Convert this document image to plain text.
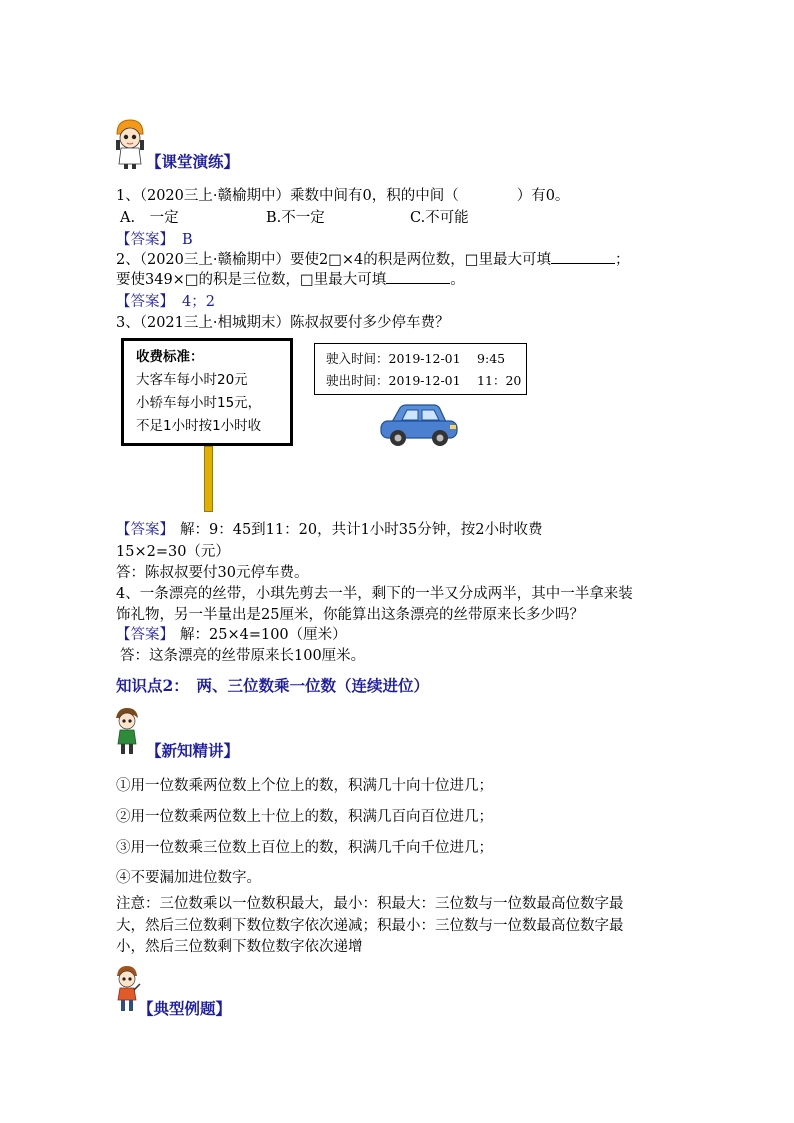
【课堂演练】
1、（2020三上·赣榆期中）乘数中间有0，积的中间（　　　　）有0。
A.　一定	B.不一定	C.不可能
【答案】 B
2、（2020三上·赣榆期中）要使2□×4的积是两位数，□里最大可填	；
要使349×□的积是三位数，□里最大可填	。
【答案】 4；2
3、（2021三上·相城期末）陈叔叔要付多少停车费？
收费标准：
大客车每小时20元
小轿车每小时15元，
不足1小时按1小时收
驶入时间：2019-12-01　 9:45
驶出时间：2019-12-01　 11：20
【答案】 解：9：45到11：20，共计1小时35分钟，按2小时收费
15×2=30（元）
答：陈叔叔要付30元停车费。
4、一条漂亮的丝带，小琪先剪去一半，剩下的一半又分成两半，其中一半拿来装
饰礼物，另一半量出是25厘米，你能算出这条漂亮的丝带原来长多少吗？
【答案】 解：25×4=100（厘米）
答：这条漂亮的丝带原来长100厘米。
知识点2：　两、三位数乘一位数（连续进位）
【新知精讲】
①用一位数乘两位数上个位上的数，积满几十向十位进几；
②用一位数乘两位数上十位上的数，积满几百向百位进几；
③用一位数乘三位数上百位上的数，积满几千向千位进几；
④不要漏加进位数字。
注意：三位数乘以一位数积最大，最小：积最大：三位数与一位数最高位数字最
大，然后三位数剩下数位数字依次递减；积最小：三位数与一位数最高位数字最
小，然后三位数剩下数位数字依次递增
【典型例题】
